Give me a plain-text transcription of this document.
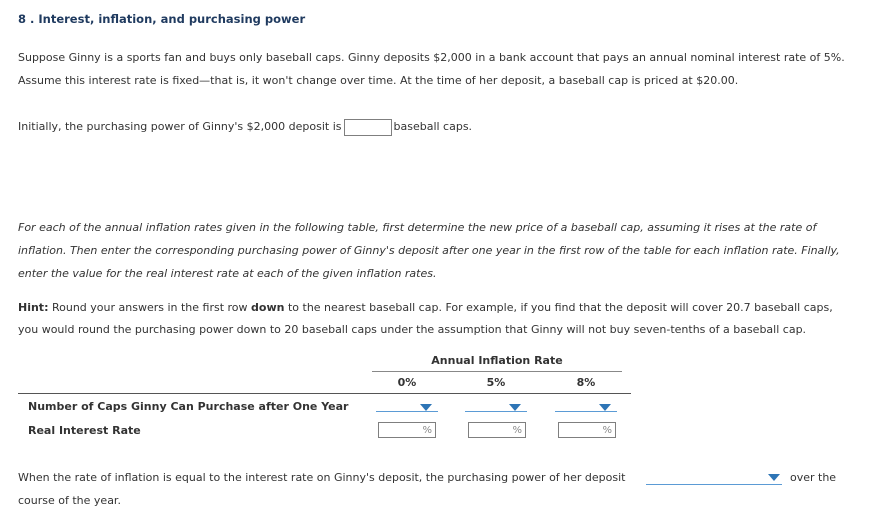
8 . Interest, inflation, and purchasing power
Suppose Ginny is a sports fan and buys only baseball caps. Ginny deposits $2,000 in a bank account that pays an annual nominal interest rate of 5%.
Assume this interest rate is fixed—that is, it won't change over time. At the time of her deposit, a baseball cap is priced at $20.00.
Initially, the purchasing power of Ginny's $2,000 deposit is	baseball caps.
For each of the annual inflation rates given in the following table, first determine the new price of a baseball cap, assuming it rises at the rate of
inflation. Then enter the corresponding purchasing power of Ginny's deposit after one year in the first row of the table for each inflation rate. Finally,
enter the value for the real interest rate at each of the given inflation rates.
Hint: Round your answers in the first row down to the nearest baseball cap. For example, if you find that the deposit will cover 20.7 baseball caps,
you would round the purchasing power down to 20 baseball caps under the assumption that Ginny will not buy seven-tenths of a baseball cap.
Annual Inflation Rate
0%	5%	8%
Number of Caps Ginny Can Purchase after One Year
Real Interest Rate	%	%	%
When the rate of inflation is equal to the interest rate on Ginny's deposit, the purchasing power of her deposit	over the
course of the year.
